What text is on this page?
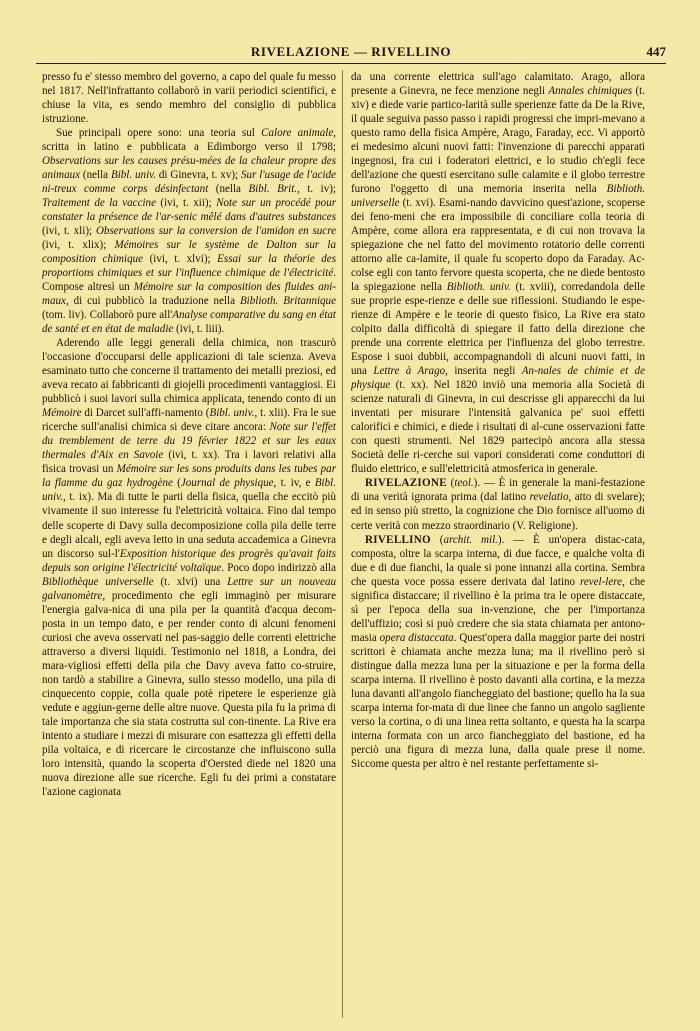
RIVELAZIONE — RIVELLINO	447

presso fu e' stesso membro del governo, a capo del quale fu messo nel 1817. Nell'infrattanto collaborò in varii periodici scientifici, e chiuse la vita, es sendo membro del consiglio di pubblica istruzione.

Sue principali opere sono: una teoria sul Calore animale, scritta in latino e pubblicata a Edimborgo verso il 1798; Observations sur les causes présu-mées de la chaleur propre des animaux (nella Bibl. univ. di Ginevra, t. xv); Sur l'usage de l'acide ni-treux comme corps désinfectant (nella Bibl. Brit., t. iv); Traitement de la vaccine (ivi, t. xii); Note sur un procédé pour constater la présence de l'ar-senic mêlé dans d'autres substances (ivi, t. xli); Observations sur la conversion de l'amidon en sucre (ivi, t. xlix); Mémoires sur le système de Dalton sur la composition chimique (ivi, t. xlvi); Essai sur la théorie des proportions chimiques et sur l'influence chimique de l'électricité. Compose altresì un Mémoire sur la composition des fluides ani-maux, di cui pubblicò la traduzione nella Biblioth. Britannique (tom. liv). Collaborò pure all'Analyse comparative du sang en état de santé et en état de maladie (ivi, t. liii).

Aderendo alle leggi generali della chimica, non trascurò l'occasione d'occuparsi delle applicazioni di tale scienza. Aveva esaminato tutto che concerne il trattamento dei metalli preziosi, ed aveva recato ai fabbricanti di giojelli procedimenti vantaggiosi. Ei pubblicò i suoi lavori sulla chimica applicata, tenendo conto di un Mémoire di Darcet sull'affi-namento (Bibl. univ., t. xlii). Fra le sue ricerche sull'analisi chimica si deve citare ancora: Note sur l'effet du tremblement de terre du 19 février 1822 et sur les eaux thermales d'Aix en Savoie (ivi, t. xx). Tra i lavori relativi alla fisica trovasi un Mémoire sur les sons produits dans les tubes par la flamme du gaz hydrogène (Journal de physique, t. iv, e Bibl. univ., t. ix). Ma di tutte le parti della fisica, quella che eccitò più vivamente il suo interesse fu l'elettricità voltaica. Fino dal tempo delle scoperte di Davy sulla decomposizione colla pila delle terre e degli alcali, egli aveva letto in una seduta accademica a Ginevra un discorso sul-l'Exposition historique des progrès qu'avait faits depuis son origine l'électricité voltaïque. Poco dopo indirizzò alla Bibliothèque universelle (t. xlvi) una Lettre sur un nouveau galvanomètre, procedimento che egli immaginò per misurare l'energia galva-nica di una pila per la quantità d'acqua decom-posta in un tempo dato, e per render conto di alcuni fenomeni curiosi che aveva osservati nel pas-saggio delle correnti elettriche attraverso a diversi liquidi. Testimonio nel 1818, a Londra, dei mara-vigliosi effetti della pila che Davy aveva fatto co-struire, non tardò a stabilire a Ginevra, sullo stesso modello, una pila di cinquecento coppie, colla quale potè ripetere le esperienze già vedute e aggiun-gerne delle altre nuove. Questa pila fu la prima di tale importanza che sia stata costrutta sul con-tinente. La Rive era intento a studiare i mezzi di misurare con esattezza gli effetti della pila voltaica, e di ricercare le circostanze che influiscono sulla loro intensità, quando la scoperta d'Oersted diede nel 1820 una nuova direzione alle sue ricerche. Egli fu dei primi a constatare l'azione cagionata

da una corrente elettrica sull'ago calamitato. Arago, allora presente a Ginevra, ne fece menzione negli Annales chimiques (t. xiv) e diede varie partico-larità sulle sperienze fatte da De la Rive, il quale seguiva passo passo i rapidi progressi che impri-mevano a questo ramo della fisica Ampère, Arago, Faraday, ecc. Vi apportò ei medesimo alcuni nuovi fatti: l'invenzione di parecchi apparati ingegnosi, fra cui i foderatori elettrici, e lo studio ch'egli fece dell'azione che questi esercitano sulle calamite e il globo terrestre furono l'oggetto di una memoria inserita nella Biblioth. universelle (t. xvi). Esami-nando davvicino quest'azione, scoperse dei feno-meni che era impossibile di conciliare colla teoria di Ampère, come allora era rappresentata, e di cui non trovava la spiegazione che nel fatto del movimento rotatorio delle correnti attorno alle ca-lamite, il quale fu scoperto dopo da Faraday. Ac-colse egli con tanto fervore questa scoperta, che ne diede bentosto la spiegazione nella Biblioth. univ. (t. xviii), corredandola delle sue proprie espe-rienze e delle sue riflessioni. Studiando le espe-rienze di Ampère e le teorie di questo fisico, La Rive era stato colpito dalla difficoltà di spiegare il fatto della direzione che prende una corrente elettrica per l'influenza del globo terrestre. Espose i suoi dubbii, accompagnandoli di alcuni nuovi fatti, in una Lettre à Arago, inserita negli An-nales de chimie et de physique (t. xx). Nel 1820 inviò una memoria alla Società di scienze naturali di Ginevra, in cui descrisse gli apparecchi da lui inventati per misurare l'intensità galvanica pe' suoi effetti calorifici e chimici, e diede i risultati di al-cune osservazioni fatte con questi strumenti. Nel 1829 partecipò ancora alla stessa Società delle ri-cerche sui vapori considerati come conduttori di fluido elettrico, e sull'elettricità atmosferica in generale.

RIVELAZIONE (teol.). — È in generale la mani-festazione di una verità ignorata prima (dal latino revelatio, atto di svelare); ed in senso più stretto, la cognizione che Dio fornisce all'uomo di certe verità con mezzo straordinario (V. Religione).

RIVELLINO (archit. mil.). — È un'opera distac-cata, composta, oltre la scarpa interna, di due facce, e qualche volta di due e di due fianchi, la quale si pone innanzi alla cortina. Sembra che questa voce possa essere derivata dal latino revel-lere, che significa distaccare; il rivellino è la prima tra le opere distaccate, sì per l'epoca della sua in-venzione, che per l'importanza dell'uffizio; così si può credere che sia stata chiamata per antono-masia opera distaccata. Quest'opera dalla maggior parte dei nostri scrittori è chiamata anche mezza luna; ma il rivellino però si distingue dalla mezza luna per la situazione e per la forma della scarpa interna. Il rivellino è posto davanti alla cortina, e la mezza luna davanti all'angolo fiancheggiato del bastione; quello ha la sua scarpa interna for-mata di due linee che fanno un angolo sagliente verso la cortina, o di una linea retta soltanto, e questa ha la scarpa interna formata con un arco fiancheggiato del bastione, ed ha perciò una figura di mezza luna, dalla quale prese il nome. Siccome questa per altro è nel restante perfettamente si-
